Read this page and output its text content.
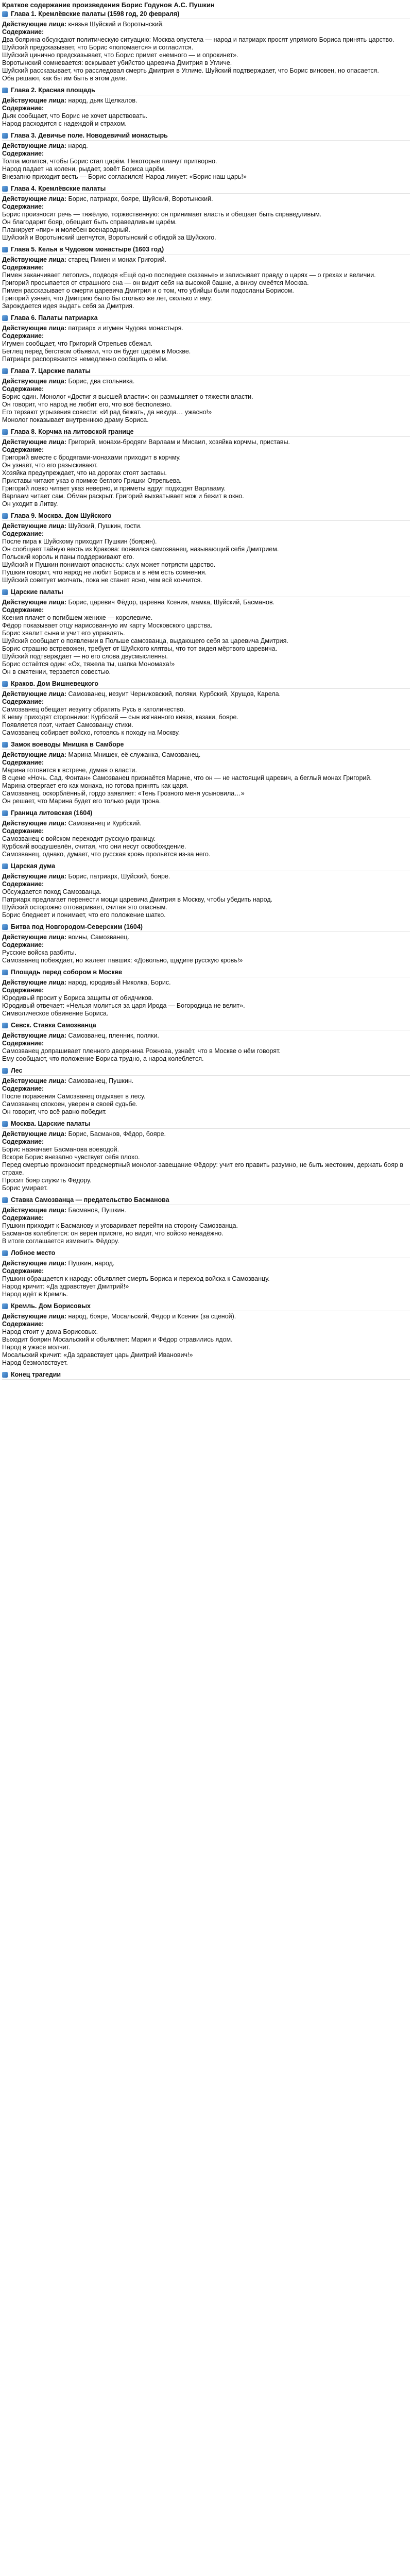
Краткое содержание произведения Борис Годунов А.С. Пушкин
Глава 1. Кремлёвские палаты (1598 год, 20 февраля)
Действующие лица: князья Шуйский и Воротынский.
Содержание:
Два боярина обсуждают политическую ситуацию: Москва опустела — народ и патриарх просят упрямого Бориса принять царство. Шуйский предсказывает, что Борис «поломается» и согласится.
Шуйский цинично предсказывает, что Борис примет «немного — и опрокинет».
Воротынский сомневается: вскрывает убийство царевича Дмитрия в Угличе.
Шуйский рассказывает, что расследовал смерть Дмитрия в Угличе. Шуйский подтверждает, что Борис виновен, но опасается.
Оба решают, как бы им быть в этом деле.
Глава 2. Красная площадь
Действующие лица: народ, дьяк Щелкалов.
Содержание:
Дьяк сообщает, что Борис не хочет царствовать.
Народ расходится с надеждой и страхом.
Глава 3. Девичье поле. Новодевичий монастырь
Действующие лица: народ.
Содержание:
Толпа молится, чтобы Борис стал царём. Некоторые плачут притворно.
Народ падает на колени, рыдает, зовёт Бориса царём.
Внезапно приходит весть — Борис согласился! Народ ликует: «Борис наш царь!»
Глава 4. Кремлёвские палаты
Действующие лица: Борис, патриарх, бояре, Шуйский, Воротынский.
Содержание:
Борис произносит речь — тяжёлую, торжественную: он принимает власть и обещает быть справедливым.
Он благодарит бояр, обещает быть справедливым царём.
Планирует «пир» и молебен всенародный.
Шуйский и Воротынский шепчутся, Воротынский с обидой за Шуйского.
Глава 5. Келья в Чудовом монастыре (1603 год)
Действующие лица: старец Пимен и монах Григорий.
Содержание:
Пимен заканчивает летопись, подводя «Ещё одно последнее сказанье» и записывает правду о царях — о грехах и величии.
Григорий просыпается от страшного сна — он видит себя на высокой башне, а внизу смеётся Москва.
Пимен рассказывает о смерти царевича Дмитрия и о том, что убийцы были подосланы Борисом.
Григорий узнаёт, что Дмитрию было бы столько же лет, сколько и ему.
Зарождается идея выдать себя за Дмитрия.
Глава 6. Палаты патриарха
Действующие лица: патриарх и игумен Чудова монастыря.
Содержание:
Игумен сообщает, что Григорий Отрепьев сбежал.
Беглец перед бегством объявил, что он будет царём в Москве.
Патриарх распоряжается немедленно сообщить о нём.
Глава 7. Царские палаты
Действующие лица: Борис, два стольника.
Содержание:
Борис один. Монолог «Достиг я высшей власти»: он размышляет о тяжести власти.
Он говорит, что народ не любит его, что всё бесполезно.
Его терзают угрызения совести: «И рад бежать, да некуда… ужасно!»
Монолог показывает внутреннюю драму Бориса.
Глава 8. Корчма на литовской границе
Действующие лица: Григорий, монахи-бродяги Варлаам и Мисаил, хозяйка корчмы, приставы.
Содержание:
Григорий вместе с бродягами-монахами приходит в корчму.
Он узнаёт, что его разыскивают.
Хозяйка предупреждает, что на дорогах стоят заставы.
Приставы читают указ о поимке беглого Гришки Отрепьева.
Григорий ловко читает указ неверно, и приметы вдруг подходят Варлааму.
Варлаам читает сам. Обман раскрыт. Григорий выхватывает нож и бежит в окно.
Он уходит в Литву.
Глава 9. Москва. Дом Шуйского
Действующие лица: Шуйский, Пушкин, гости.
Содержание:
После пира к Шуйскому приходит Пушкин (боярин).
Он сообщает тайную весть из Кракова: появился самозванец, называющий себя Дмитрием.
Польский король и паны поддерживают его.
Шуйский и Пушкин понимают опасность: слух может потрясти царство.
Пушкин говорит, что народ не любит Бориса и в нём есть сомнения.
Шуйский советует молчать, пока не станет ясно, чем всё кончится.
Царские палаты
Действующие лица: Борис, царевич Фёдор, царевна Ксения, мамка, Шуйский, Басманов.
Содержание:
Ксения плачет о погибшем женихе — королевиче.
Фёдор показывает отцу нарисованную им карту Московского царства.
Борис хвалит сына и учит его управлять.
Шуйский сообщает о появлении в Польше самозванца, выдающего себя за царевича Дмитрия.
Борис страшно встревожен, требует от Шуйского клятвы, что тот видел мёртвого царевича.
Шуйский подтверждает — но его слова двусмысленны.
Борис остаётся один: «Ох, тяжела ты, шапка Мономаха!»
Он в смятении, терзается совестью.
Краков. Дом Вишневецкого
Действующие лица: Самозванец, иезуит Черниковский, поляки, Курбский, Хрущов, Карела.
Содержание:
Самозванец обещает иезуиту обратить Русь в католичество.
К нему приходят сторонники: Курбский — сын изгнанного князя, казаки, бояре.
Появляется поэт, читает Самозванцу стихи.
Самозванец собирает войско, готовясь к походу на Москву.
Замок воеводы Мнишка в Самборе
Действующие лица: Марина Мнишек, её служанка, Самозванец.
Содержание:
Марина готовится к встрече, думая о власти.
В сцене «Ночь. Сад. Фонтан» Самозванец признаётся Марине, что он — не настоящий царевич, а беглый монах Григорий.
Марина отвергает его как монаха, но готова принять как царя.
Самозванец, оскорблённый, гордо заявляет: «Тень Грозного меня усыновила…»
Он решает, что Марина будет его только ради трона.
Граница литовская (1604)
Действующие лица: Самозванец и Курбский.
Содержание:
Самозванец с войском переходит русскую границу.
Курбский воодушевлён, считая, что они несут освобождение.
Самозванец, однако, думает, что русская кровь прольётся из-за него.
Царская дума
Действующие лица: Борис, патриарх, Шуйский, бояре.
Содержание:
Обсуждается поход Самозванца.
Патриарх предлагает перенести мощи царевича Дмитрия в Москву, чтобы убедить народ.
Шуйский осторожно отговаривает, считая это опасным.
Борис бледнеет и понимает, что его положение шатко.
Битва под Новгородом-Северским (1604)
Действующие лица: воины, Самозванец.
Содержание:
Русские войска разбиты.
Самозванец побеждает, но жалеет павших: «Довольно, щадите русскую кровь!»
Площадь перед собором в Москве
Действующие лица: народ, юродивый Николка, Борис.
Содержание:
Юродивый просит у Бориса защиты от обидчиков.
Юродивый отвечает: «Нельзя молиться за царя Ирода — Богородица не велит».
Символическое обвинение Бориса.
Севск. Ставка Самозванца
Действующие лица: Самозванец, пленник, поляки.
Содержание:
Самозванец допрашивает пленного дворянина Рожнова, узнаёт, что в Москве о нём говорят.
Ему сообщают, что положение Бориса трудно, а народ колеблется.
Лес
Действующие лица: Самозванец, Пушкин.
Содержание:
После поражения Самозванец отдыхает в лесу.
Самозванец спокоен, уверен в своей судьбе.
Он говорит, что всё равно победит.
Москва. Царские палаты
Действующие лица: Борис, Басманов, Фёдор, бояре.
Содержание:
Борис назначает Басманова воеводой.
Вскоре Борис внезапно чувствует себя плохо.
Перед смертью произносит предсмертный монолог-завещание Фёдору: учит его править разумно, не быть жестоким, держать бояр в страхе.
Просит бояр служить Фёдору.
Борис умирает.
Ставка Самозванца — предательство Басманова
Действующие лица: Басманов, Пушкин.
Содержание:
Пушкин приходит к Басманову и уговаривает перейти на сторону Самозванца.
Басманов колеблется: он верен присяге, но видит, что войско ненадёжно.
В итоге соглашается изменить Фёдору.
Лобное место
Действующие лица: Пушкин, народ.
Содержание:
Пушкин обращается к народу: объявляет смерть Бориса и переход войска к Самозванцу.
Народ кричит: «Да здравствует Дмитрий!»
Народ идёт в Кремль.
Кремль. Дом Борисовых
Действующие лица: народ, бояре, Мосальский, Фёдор и Ксения (за сценой).
Содержание:
Народ стоит у дома Борисовых.
Выходит боярин Мосальский и объявляет: Мария и Фёдор отравились ядом.
Народ в ужасе молчит.
Мосальский кричит: «Да здравствует царь Дмитрий Иванович!»
Народ безмолвствует.
Конец трагедии
